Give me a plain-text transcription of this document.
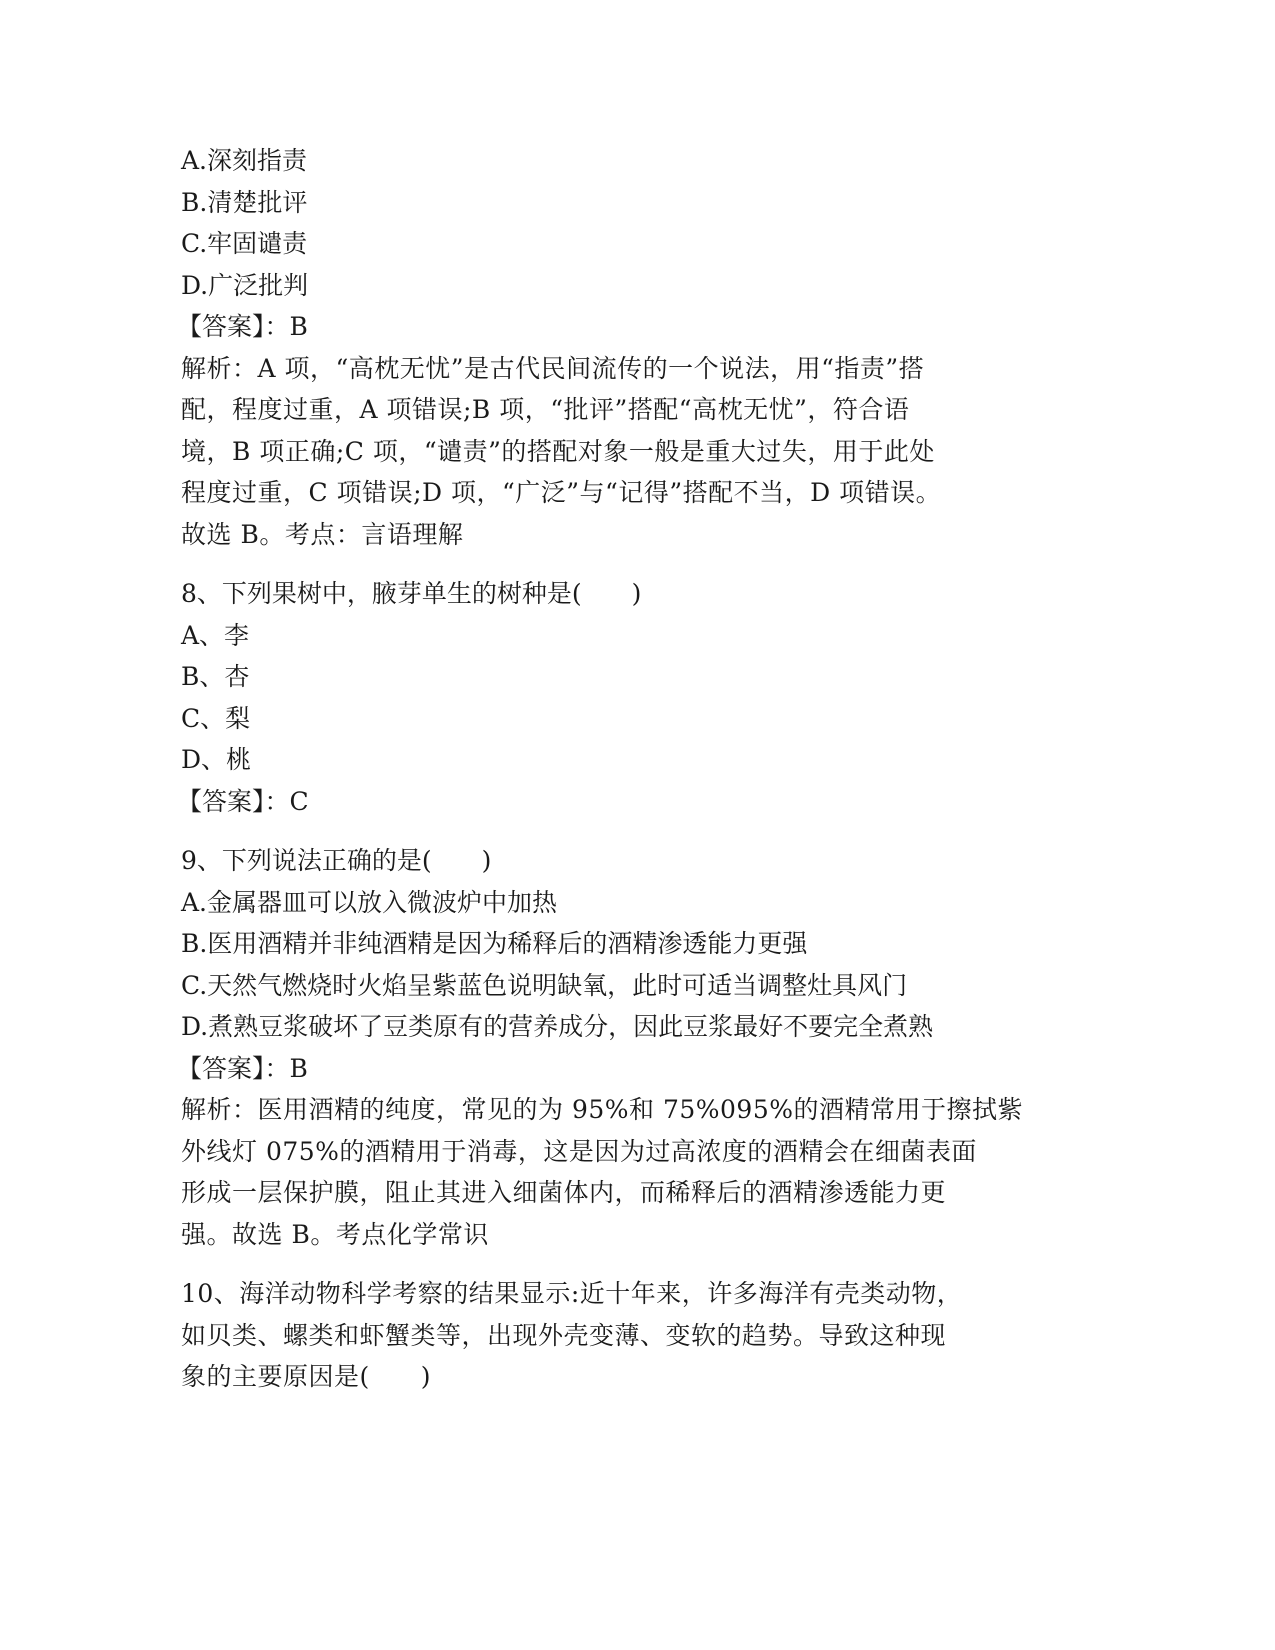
A.深刻指责

B.清楚批评

C.牢固谴责

D.广泛批判

【答案】：B

解析：A 项，“高枕无忧”是古代民间流传的一个说法，用“指责”搭

配，程度过重，A 项错误;B 项，“批评”搭配“高枕无忧”，符合语

境，B 项正确;C 项，“谴责”的搭配对象一般是重大过失，用于此处

程度过重，C 项错误;D 项，“广泛”与“记得”搭配不当，D 项错误。

故选 B。考点：言语理解

8、下列果树中，腋芽单生的树种是(　　)

A、李

B、杏

C、梨

D、桃

【答案】：C

9、下列说法正确的是(　　)

A.金属器皿可以放入微波炉中加热

B.医用酒精并非纯酒精是因为稀释后的酒精渗透能力更强

C.天然气燃烧时火焰呈紫蓝色说明缺氧，此时可适当调整灶具风门

D.煮熟豆浆破坏了豆类原有的营养成分，因此豆浆最好不要完全煮熟

【答案】：B

解析：医用酒精的纯度，常见的为 95%和 75%095%的酒精常用于擦拭紫

外线灯 075%的酒精用于消毒，这是因为过高浓度的酒精会在细菌表面

形成一层保护膜，阻止其进入细菌体内，而稀释后的酒精渗透能力更

强。故选 B。考点化学常识

10、海洋动物科学考察的结果显示:近十年来，许多海洋有壳类动物，

如贝类、螺类和虾蟹类等，出现外壳变薄、变软的趋势。导致这种现

象的主要原因是(　　)
